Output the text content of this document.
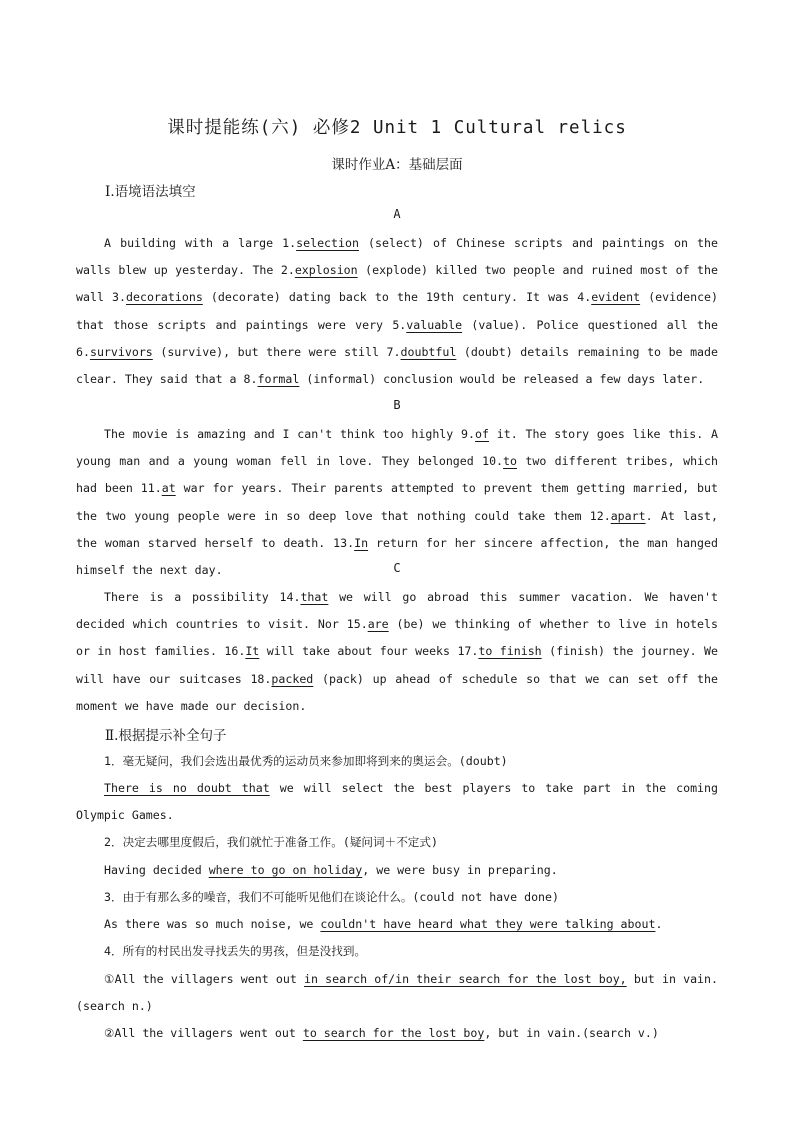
课时提能练(六) 必修2 Unit 1 Cultural relics
课时作业A：基础层面
Ⅰ.语境语法填空
A
A building with a large 1.selection (select) of Chinese scripts and paintings on the walls blew up yesterday. The 2.explosion (explode) killed two people and ruined most of the wall 3.decorations (decorate) dating back to the 19th century. It was 4.evident (evidence) that those scripts and paintings were very 5.valuable (value). Police questioned all the 6.survivors (survive), but there were still 7.doubtful (doubt) details remaining to be made clear. They said that a 8.formal (informal) conclusion would be released a few days later.
B
The movie is amazing and I can't think too highly 9.of it. The story goes like this. A young man and a young woman fell in love. They belonged 10.to two different tribes, which had been 11.at war for years. Their parents attempted to prevent them getting married, but the two young people were in so deep love that nothing could take them 12.apart. At last, the woman starved herself to death. 13.In return for her sincere affection, the man hanged himself the next day.	C
There is a possibility 14.that we will go abroad this summer vacation. We haven't decided which countries to visit. Nor 15.are (be) we thinking of whether to live in hotels or in host families. 16.It will take about four weeks 17.to finish (finish) the journey. We will have our suitcases 18.packed (pack) up ahead of schedule so that we can set off the moment we have made our decision.
Ⅱ.根据提示补全句子
1．毫无疑问，我们会选出最优秀的运动员来参加即将到来的奥运会。(doubt)
There is no doubt that we will select the best players to take part in the coming Olympic Games.
2．决定去哪里度假后，我们就忙于准备工作。(疑问词＋不定式)
Having decided where to go on holiday, we were busy in preparing.
3．由于有那么多的噪音，我们不可能听见他们在谈论什么。(could not have done)
As there was so much noise, we couldn't have heard what they were talking about.
4．所有的村民出发寻找丢失的男孩，但是没找到。
①All the villagers went out in search of/in their search for the lost boy, but in vain.(search n.)
②All the villagers went out to search for the lost boy, but in vain.(search v.)
